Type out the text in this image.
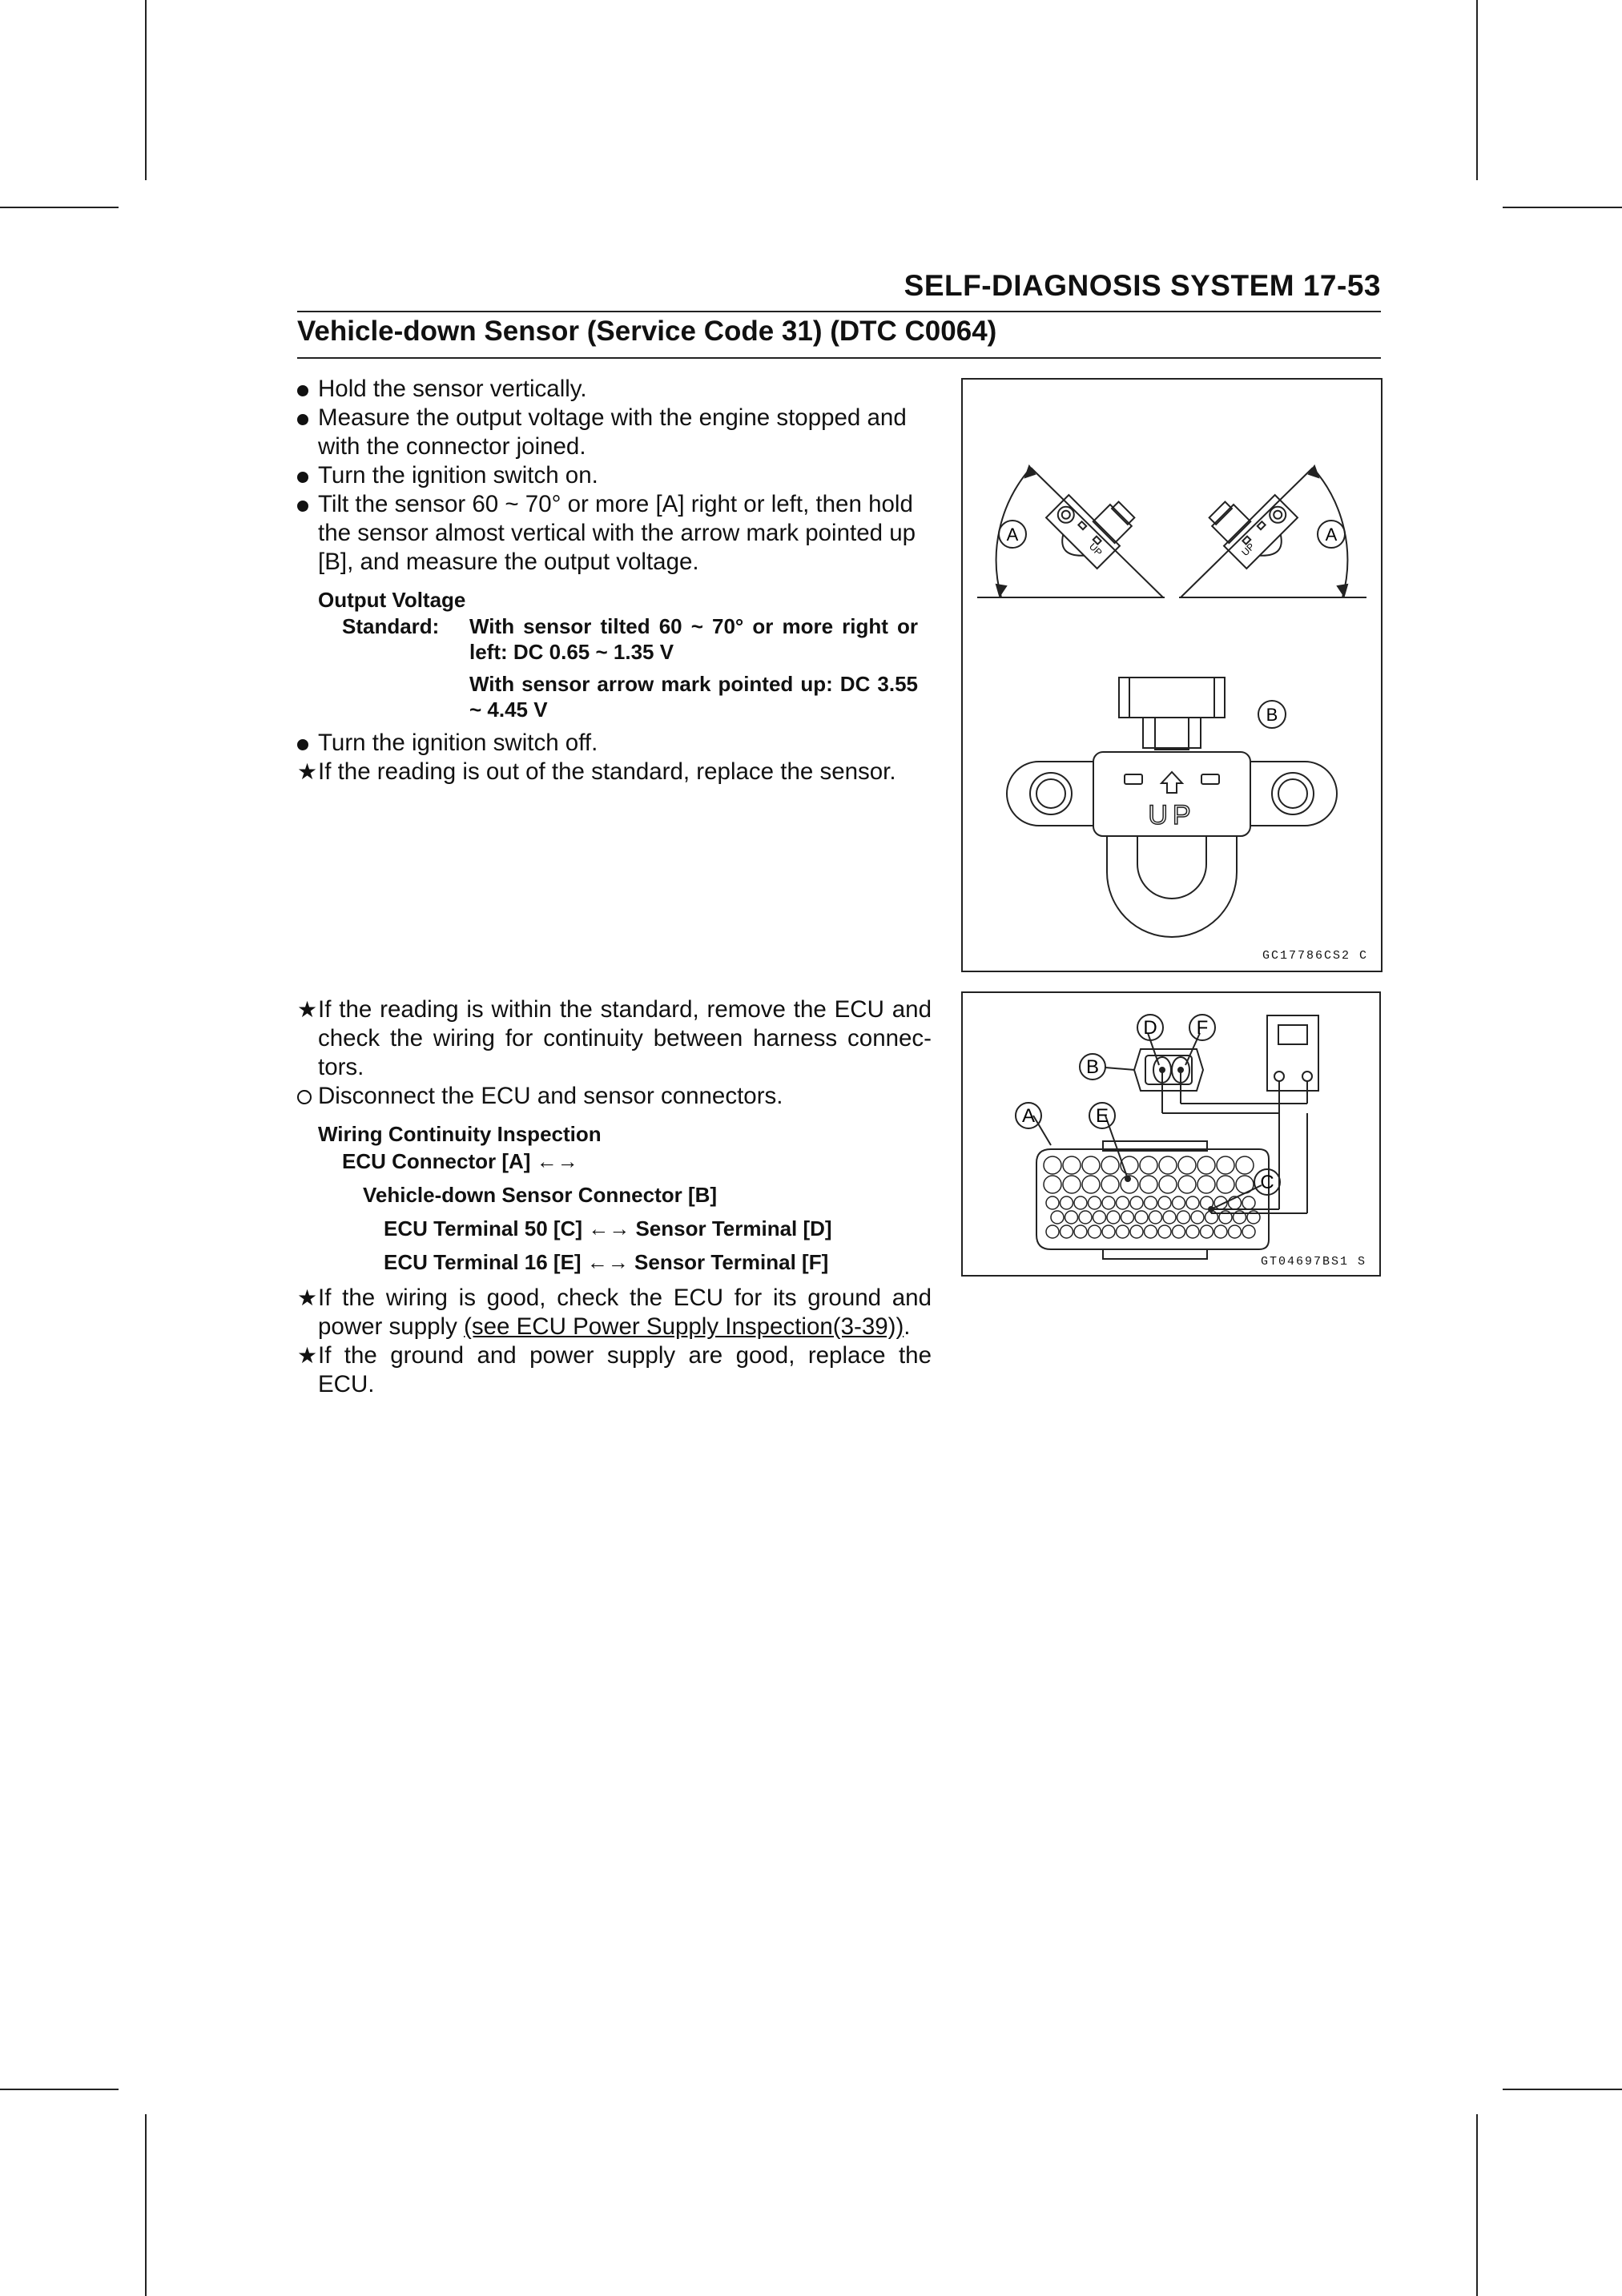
SELF-DIAGNOSIS SYSTEM 17-53
Vehicle-down Sensor (Service Code 31) (DTC C0064)
Hold the sensor vertically.
Measure the output voltage with the engine stopped and with the connector joined.
Turn the ignition switch on.
Tilt the sensor 60 ~ 70° or more [A] right or left, then hold the sensor almost vertical with the arrow mark pointed up [B], and measure the output voltage.
Output Voltage
Standard: With sensor tilted 60 ~ 70° or more right or left: DC 0.65 ~ 1.35 V
With sensor arrow mark pointed up: DC 3.55 ~ 4.45 V
Turn the ignition switch off.
★ If the reading is out of the standard, replace the sensor.
A	A
B
UP
UP	UP
GC17786CS2 C
★ If the reading is within the standard, remove the ECU and check the wiring for continuity between harness connec-tors.
Disconnect the ECU and sensor connectors.
Wiring Continuity Inspection
ECU Connector [A] ←→
Vehicle-down Sensor Connector [B]
ECU Terminal 50 [C] ←→ Sensor Terminal [D]
ECU Terminal 16 [E] ←→ Sensor Terminal [F]
★ If the wiring is good, check the ECU for its ground and power supply (see ECU Power Supply Inspection(3-39)).
★ If the ground and power supply are good, replace the ECU.
D F
B
A	E
C
GT04697BS1 S
